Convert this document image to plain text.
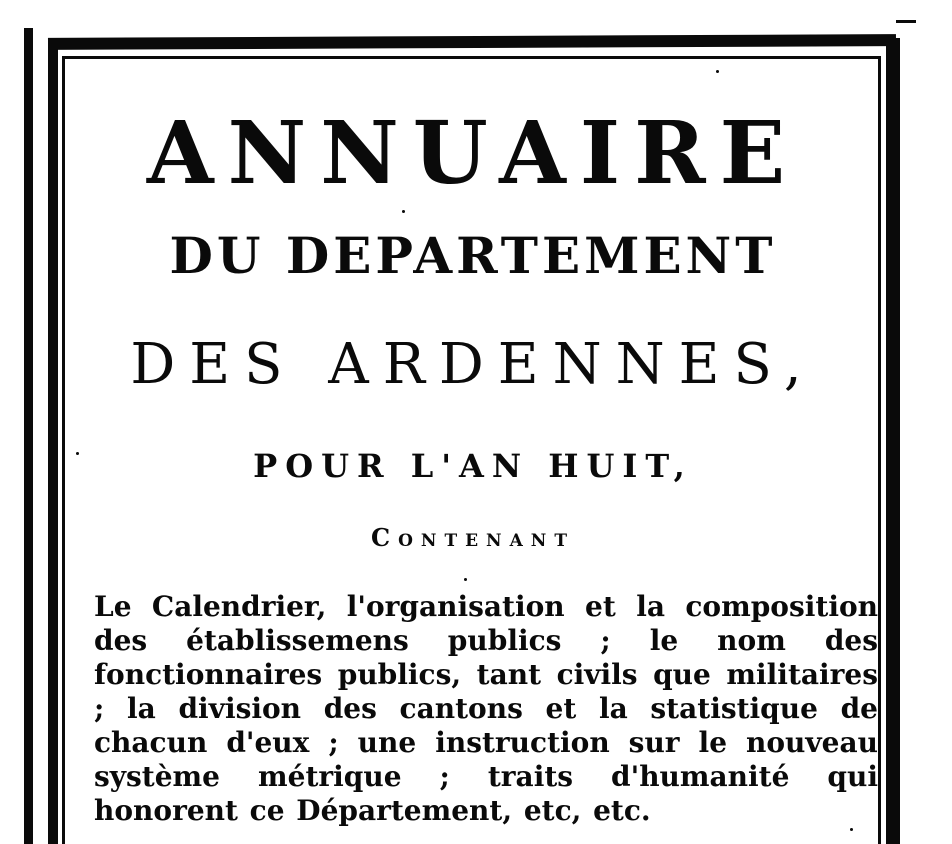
ANNUAIRE
DU DEPARTEMENT
DES ARDENNES,
POUR L'AN HUIT,
Contenant
Le Calendrier, l'organisation et la composition des établissemens publics ; le nom des fonctionnaires publics, tant civils que militaires ; la division des cantons et la statistique de chacun d'eux ; une instruction sur le nouveau système métrique ; traits d'humanité qui honorent ce Département, etc, etc.
